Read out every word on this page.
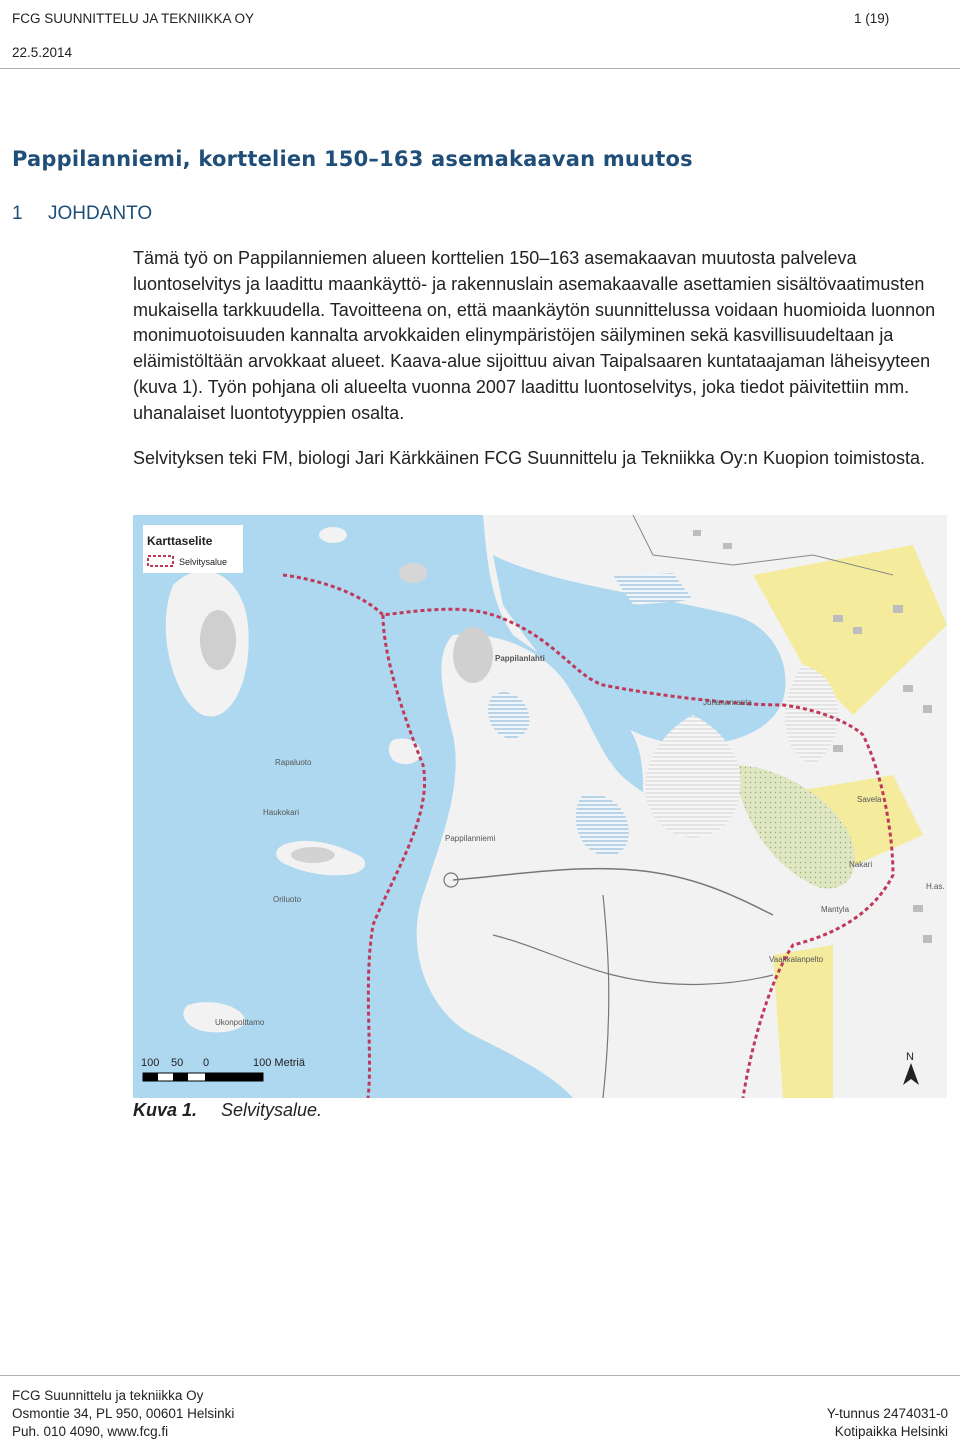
FCG SUUNNITTELU JA TEKNIIKKA OY
22.5.2014
1 (19)
Pappilanniemi, korttelien 150–163 asemakaavan muutos
1 JOHDANTO

Tämä työ on Pappilanniemen alueen korttelien 150–163 asemakaavan muutosta palveleva luontoselvitys ja laadittu maankäyttö- ja rakennuslain asemakaavalle asettamien sisältövaatimusten mukaisella tarkkuudella. Tavoitteena on, että maankäytön suunnittelussa voidaan huomioida luonnon monimuotoisuuden kannalta arvokkaiden elinympäristöjen säilyminen sekä kasvillisuudeltaan ja eläimistöltään arvokkaat alueet. Kaava-alue sijoittuu aivan Taipalsaaren kuntataajaman läheisyyteen (kuva 1). Työn pohjana oli alueelta vuonna 2007 laadittu luontoselvitys, joka tiedot päivitettiin mm. uhanalaiset luontotyyppien osalta.

Selvityksen teki FM, biologi Jari Kärkkäinen FCG Suunnittelu ja Tekniikka Oy:n Kuopion toimistosta.

Karttaselite
Selvitysalue
Pappilanlahti
Juhananranta
Rapaluoto
Haukokari
Pappilanniemi
Savela
Nakari
Oriluoto
Mantyla
H.as.
Vaakkalanpelto
Ukonpolttamo
100 50 0	100 Metriä	N
Kuva 1. Selvitysalue.
FCG Suunnittelu ja tekniikka Oy
Osmontie 34, PL 950, 00601 Helsinki
Puh. 010 4090, www.fcg.fi
Y-tunnus 2474031-0
Kotipaikka Helsinki
